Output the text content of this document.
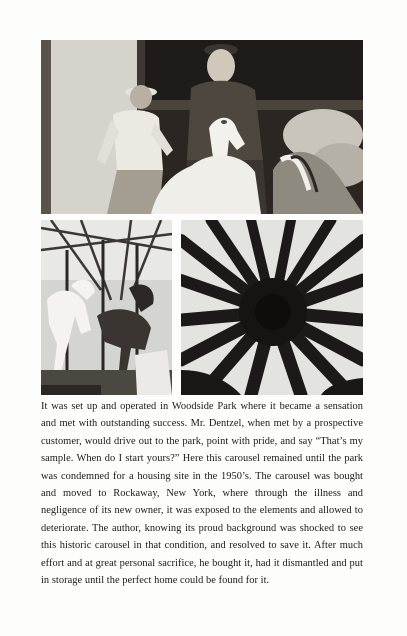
It was set up and operated in Woodside Park where it became a sensation and met with outstanding success. Mr. Dentzel, when met by a prospective customer, would drive out to the park, point with pride, and say “That’s my sample. When do I start yours?” Here this carousel remained until the park was condemned for a housing site in the 1950’s. The carousel was bought and moved to Rockaway, New York, where through the illness and negligence of its new owner, it was exposed to the elements and allowed to deteriorate. The author, knowing its proud background was shocked to see this historic carousel in that condition, and resolved to save it. After much effort and at great personal sacrifice, he bought it, had it dismantled and put in storage until the perfect home could be found for it.
